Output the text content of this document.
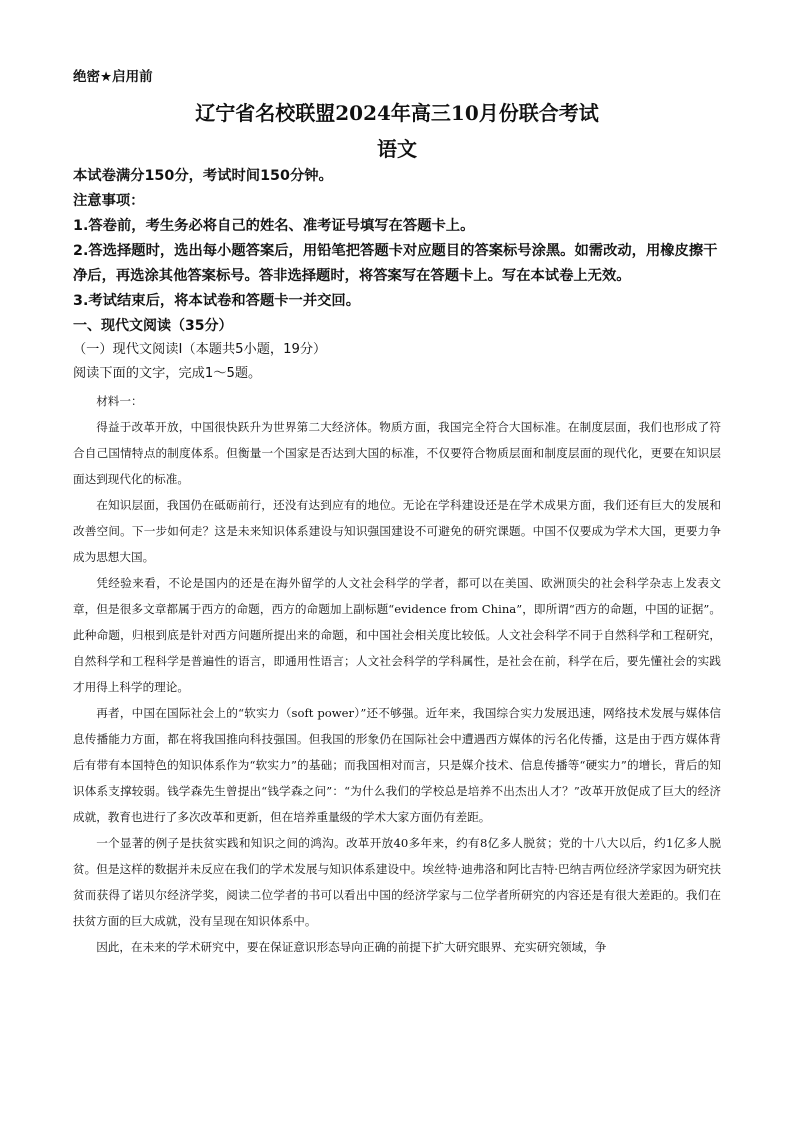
绝密★启用前
辽宁省名校联盟2024年高三10月份联合考试
语文

本试卷满分150分，考试时间150分钟。

注意事项：

1.答卷前，考生务必将自己的姓名、准考证号填写在答题卡上。

2.答选择题时，选出每小题答案后，用铅笔把答题卡对应题目的答案标号涂黑。如需改动，用橡皮擦干净后，再选涂其他答案标号。答非选择题时，将答案写在答题卡上。写在本试卷上无效。

3.考试结束后，将本试卷和答题卡一并交回。

一、现代文阅读（35分）

（一）现代文阅读Ⅰ（本题共5小题，19分）

阅读下面的文字，完成1～5题。

材料一：

得益于改革开放，中国很快跃升为世界第二大经济体。物质方面，我国完全符合大国标准。在制度层面，我们也形成了符合自己国情特点的制度体系。但衡量一个国家是否达到大国的标准，不仅要符合物质层面和制度层面的现代化，更要在知识层面达到现代化的标准。

在知识层面，我国仍在砥砺前行，还没有达到应有的地位。无论在学科建设还是在学术成果方面，我们还有巨大的发展和改善空间。下一步如何走？这是未来知识体系建设与知识强国建设不可避免的研究课题。中国不仅要成为学术大国，更要力争成为思想大国。

凭经验来看，不论是国内的还是在海外留学的人文社会科学的学者，都可以在美国、欧洲顶尖的社会科学杂志上发表文章，但是很多文章都属于西方的命题，西方的命题加上副标题“evidence from China”，即所谓“西方的命题，中国的证据”。此种命题，归根到底是针对西方问题所提出来的命题，和中国社会相关度比较低。人文社会科学不同于自然科学和工程研究，自然科学和工程科学是普遍性的语言，即通用性语言；人文社会科学的学科属性，是社会在前，科学在后，要先懂社会的实践才用得上科学的理论。

再者，中国在国际社会上的“软实力（soft power）”还不够强。近年来，我国综合实力发展迅速，网络技术发展与媒体信息传播能力方面，都在将我国推向科技强国。但我国的形象仍在国际社会中遭遇西方媒体的污名化传播，这是由于西方媒体背后有带有本国特色的知识体系作为“软实力”的基础；而我国相对而言，只是媒介技术、信息传播等“硬实力”的增长，背后的知识体系支撑较弱。钱学森先生曾提出“钱学森之问”：“为什么我们的学校总是培养不出杰出人才？”改革开放促成了巨大的经济成就，教育也进行了多次改革和更新，但在培养重量级的学术大家方面仍有差距。

一个显著的例子是扶贫实践和知识之间的鸿沟。改革开放40多年来，约有8亿多人脱贫；党的十八大以后，约1亿多人脱贫。但是这样的数据并未反应在我们的学术发展与知识体系建设中。埃丝特·迪弗洛和阿比吉特·巴纳吉两位经济学家因为研究扶贫而获得了诺贝尔经济学奖，阅读二位学者的书可以看出中国的经济学家与二位学者所研究的内容还是有很大差距的。我们在扶贫方面的巨大成就，没有呈现在知识体系中。

因此，在未来的学术研究中，要在保证意识形态导向正确的前提下扩大研究眼界、充实研究领域，争
